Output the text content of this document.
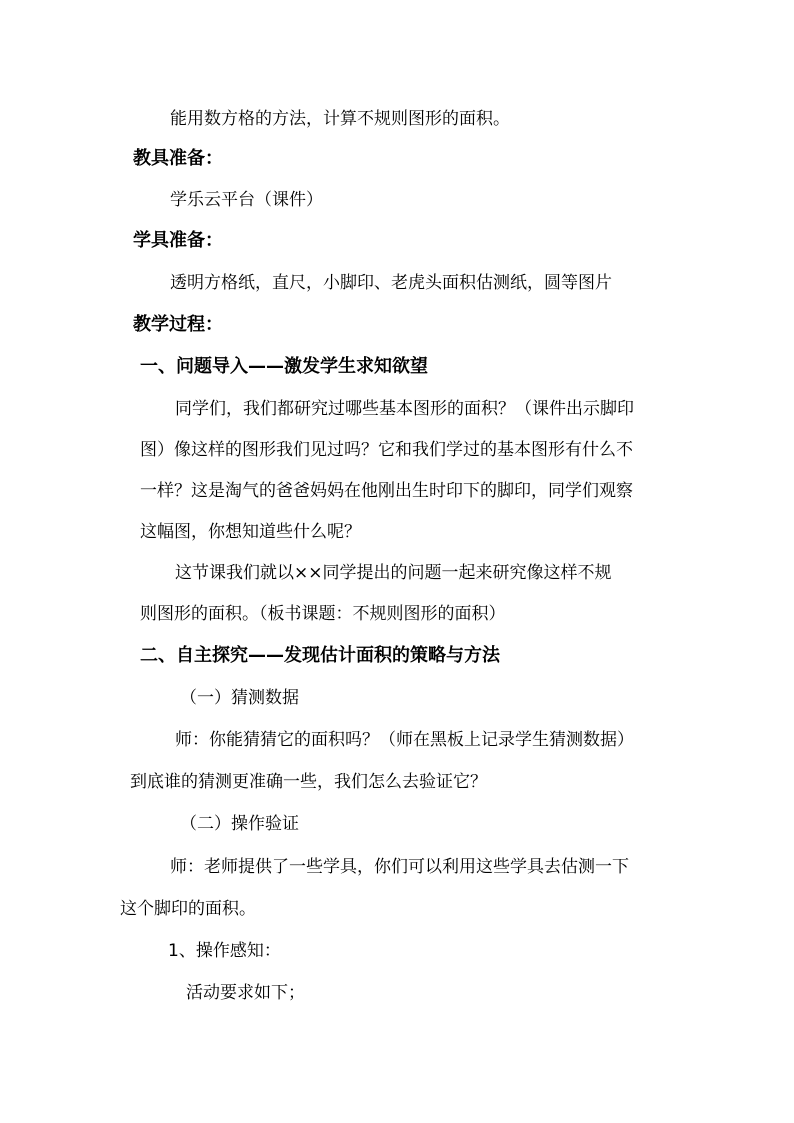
能用数方格的方法，计算不规则图形的面积。
教具准备：
学乐云平台（课件）
学具准备：
透明方格纸，直尺，小脚印、老虎头面积估测纸，圆等图片
教学过程：
一、问题导入——激发学生求知欲望
同学们，我们都研究过哪些基本图形的面积？（课件出示脚印
图）像这样的图形我们见过吗？它和我们学过的基本图形有什么不
一样？这是淘气的爸爸妈妈在他刚出生时印下的脚印，同学们观察
这幅图，你想知道些什么呢？
这节课我们就以××同学提出的问题一起来研究像这样不规
则图形的面积。（板书课题：不规则图形的面积）
二、自主探究——发现估计面积的策略与方法
（一）猜测数据
师：你能猜猜它的面积吗？（师在黑板上记录学生猜测数据）
到底谁的猜测更准确一些，我们怎么去验证它？
（二）操作验证
师：老师提供了一些学具，你们可以利用这些学具去估测一下
这个脚印的面积。
1、操作感知：
活动要求如下；
